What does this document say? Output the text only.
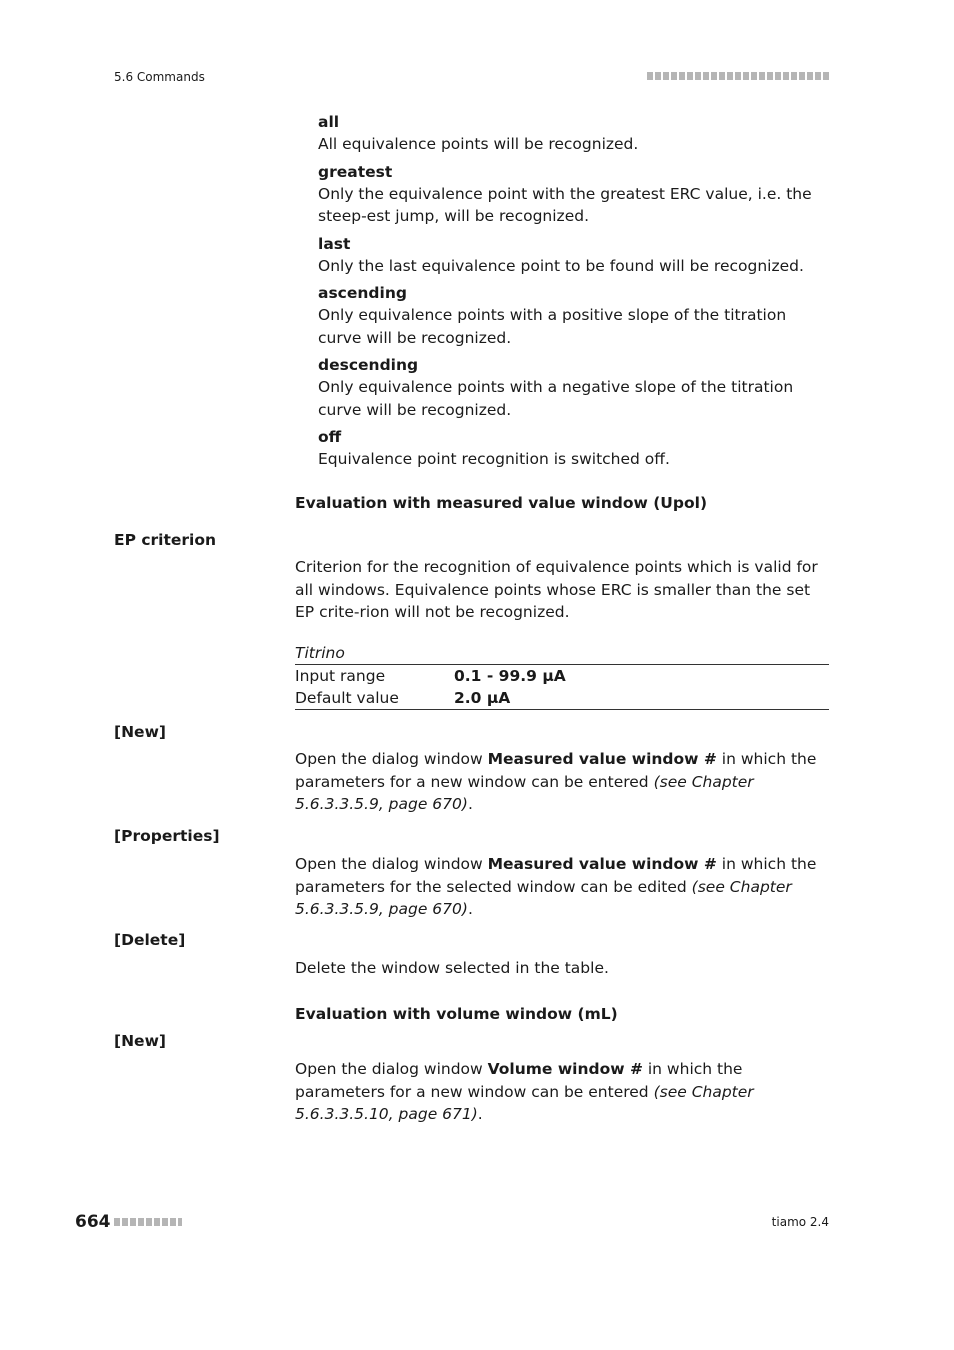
5.6 Commands
all
All equivalence points will be recognized.
greatest
Only the equivalence point with the greatest ERC value, i.e. the steep-est jump, will be recognized.
last
Only the last equivalence point to be found will be recognized.
ascending
Only equivalence points with a positive slope of the titration curve will be recognized.
descending
Only equivalence points with a negative slope of the titration curve will be recognized.
off
Equivalence point recognition is switched off.
Evaluation with measured value window (Upol)
EP criterion
Criterion for the recognition of equivalence points which is valid for all windows. Equivalence points whose ERC is smaller than the set EP crite-rion will not be recognized.
Titrino
Input range	0.1 - 99.9 µA
Default value	2.0 µA
[New]
Open the dialog window Measured value window # in which the parameters for a new window can be entered (see Chapter 5.6.3.3.5.9, page 670).
[Properties]
Open the dialog window Measured value window # in which the parameters for the selected window can be edited (see Chapter 5.6.3.3.5.9, page 670).
[Delete]
Delete the window selected in the table.
Evaluation with volume window (mL)
[New]
Open the dialog window Volume window # in which the parameters for a new window can be entered (see Chapter 5.6.3.3.5.10, page 671).
664	tiamo 2.4
